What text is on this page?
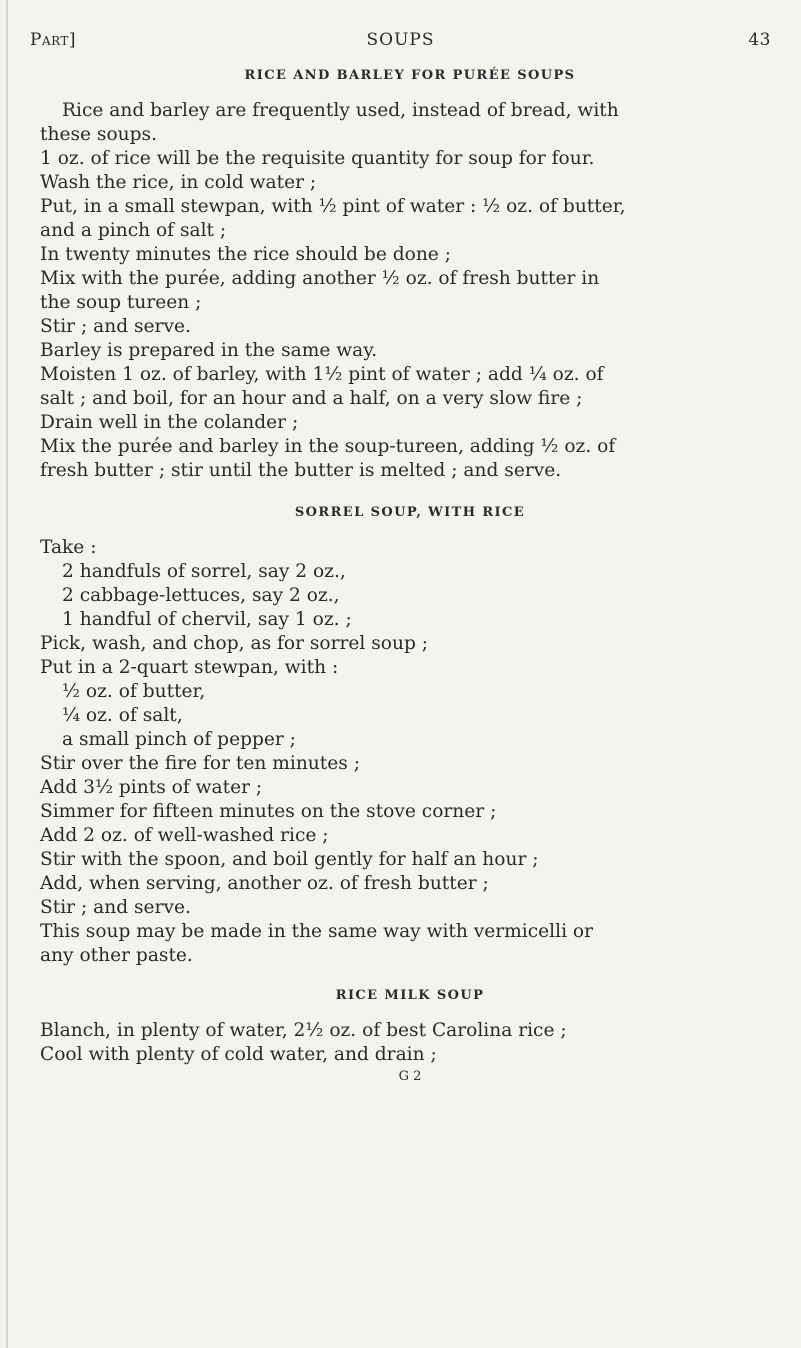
Part]	SOUPS	43

RICE AND BARLEY FOR PURÉE SOUPS

Rice and barley are frequently used, instead of bread, with

these soups.

1 oz. of rice will be the requisite quantity for soup for four.

Wash the rice, in cold water ;

Put, in a small stewpan, with ½ pint of water : ½ oz. of butter,

and a pinch of salt ;

In twenty minutes the rice should be done ;

Mix with the purée, adding another ½ oz. of fresh butter in

the soup tureen ;

Stir ; and serve.

Barley is prepared in the same way.

Moisten 1 oz. of barley, with 1½ pint of water ; add ¼ oz. of

salt ; and boil, for an hour and a half, on a very slow fire ;

Drain well in the colander ;

Mix the purée and barley in the soup-tureen, adding ½ oz. of

fresh butter ; stir until the butter is melted ; and serve.

SORREL SOUP, WITH RICE

Take :

2 handfuls of sorrel, say 2 oz.,

2 cabbage-lettuces, say 2 oz.,

1 handful of chervil, say 1 oz. ;

Pick, wash, and chop, as for sorrel soup ;

Put in a 2-quart stewpan, with :

½ oz. of butter,

¼ oz. of salt,

a small pinch of pepper ;

Stir over the fire for ten minutes ;

Add 3½ pints of water ;

Simmer for fifteen minutes on the stove corner ;

Add 2 oz. of well-washed rice ;

Stir with the spoon, and boil gently for half an hour ;

Add, when serving, another oz. of fresh butter ;

Stir ; and serve.

This soup may be made in the same way with vermicelli or

any other paste.

RICE MILK SOUP

Blanch, in plenty of water, 2½ oz. of best Carolina rice ;

Cool with plenty of cold water, and drain ;

G 2
